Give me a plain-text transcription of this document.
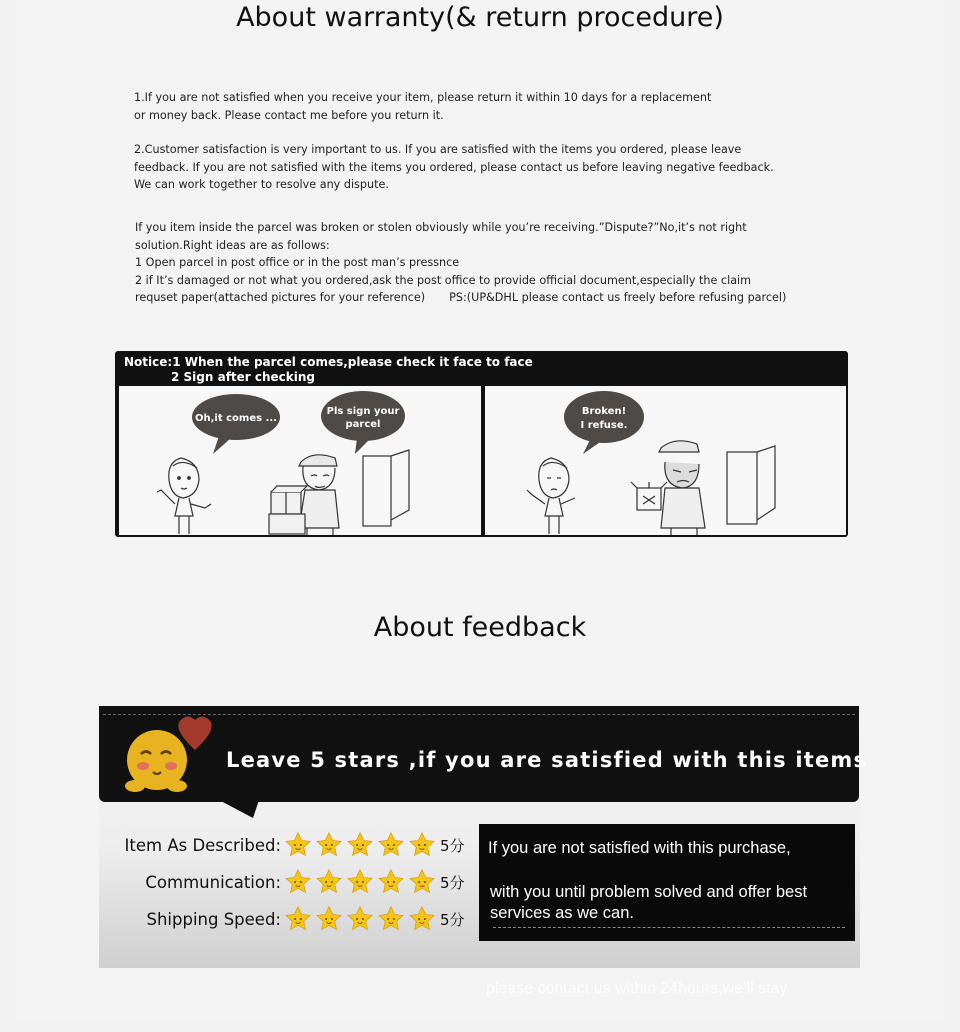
About warranty(& return procedure)
1.If you are not satisfied when you receive your item, please return it within 10 days for a replacement
or money back. Please contact me before you return it.
2.Customer satisfaction is very important to us. If you are satisfied with the items you ordered, please leave
feedback. If you are not satisfied with the items you ordered, please contact us before leaving negative feedback.
We can work together to resolve any dispute.
If you item inside the parcel was broken or stolen obviously while you’re receiving.”Dispute?”No,it’s not right
solution.Right ideas are as follows:
1 Open parcel in post office or in the post man’s pressnce
2 if It’s damaged or not what you ordered,ask the post office to provide official document,especially the claim
requset paper(attached pictures for your reference) PS:(UP&DHL please contact us freely before refusing parcel)
Notice:1 When the parcel comes,please check it face to face
2 Sign after checking
Oh,it comes ...
Pls sign your
parcel
Broken!
I refuse.
About feedback
Leave 5 stars ,if you are satisfied with this items
Item As Described:	5分
Communication:	5分
Shipping Speed:	5分
If you are not satisfied with this purchase,
with you until problem solved and offer best services as we can.
please contact us within 24hours,we’ll stay
